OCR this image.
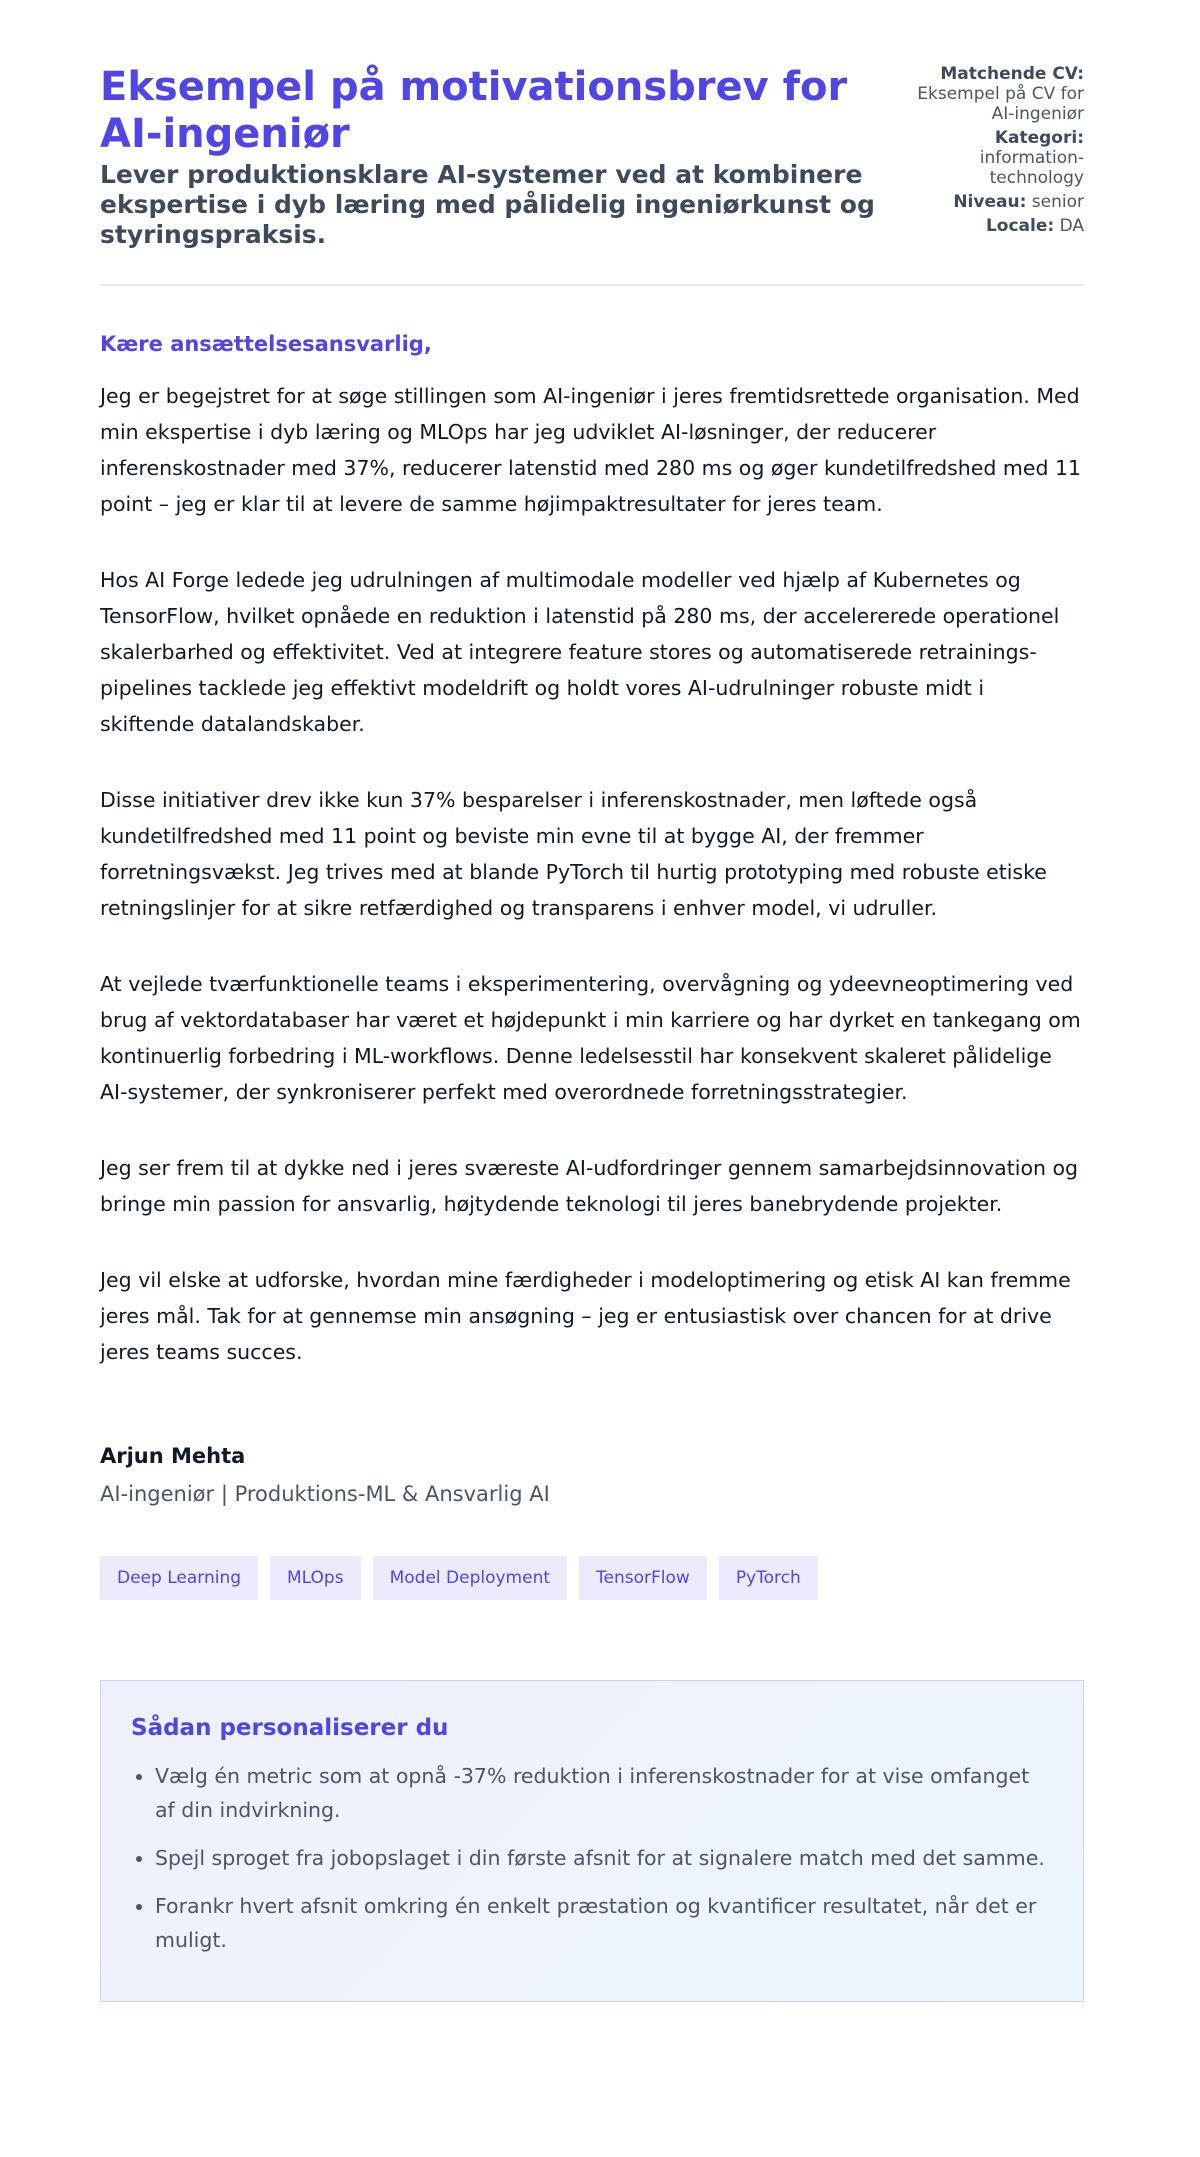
Eksempel på motivationsbrev for AI-ingeniør

Lever produktionsklare AI-systemer ved at kombinere ekspertise i dyb læring med pålidelig ingeniørkunst og styringspraksis.

Matchende CV:
Eksempel på CV for AI-ingeniør
Kategori:
information-technology
Niveau: senior
Locale: DA
Kære ansættelsesansvarlig,

Jeg er begejstret for at søge stillingen som AI-ingeniør i jeres fremtidsrettede organisation. Med min ekspertise i dyb læring og MLOps har jeg udviklet AI-løsninger, der reducerer inferenskostnader med 37%, reducerer latenstid med 280 ms og øger kundetilfredshed med 11 point – jeg er klar til at levere de samme højimpaktresultater for jeres team.

Hos AI Forge ledede jeg udrulningen af multimodale modeller ved hjælp af Kubernetes og TensorFlow, hvilket opnåede en reduktion i latenstid på 280 ms, der accelererede operationel skalerbarhed og effektivitet. Ved at integrere feature stores og automatiserede retrainings-pipelines tacklede jeg effektivt modeldrift og holdt vores AI-udrulninger robuste midt i skiftende datalandskaber.

Disse initiativer drev ikke kun 37% besparelser i inferenskostnader, men løftede også kundetilfredshed med 11 point og beviste min evne til at bygge AI, der fremmer forretningsvækst. Jeg trives med at blande PyTorch til hurtig prototyping med robuste etiske retningslinjer for at sikre retfærdighed og transparens i enhver model, vi udruller.

At vejlede tværfunktionelle teams i eksperimentering, overvågning og ydeevneoptimering ved brug af vektordatabaser har været et højdepunkt i min karriere og har dyrket en tankegang om kontinuerlig forbedring i ML-workflows. Denne ledelsesstil har konsekvent skaleret pålidelige AI-systemer, der synkroniserer perfekt med overordnede forretningsstrategier.

Jeg ser frem til at dykke ned i jeres sværeste AI-udfordringer gennem samarbejdsinnovation og bringe min passion for ansvarlig, højtydende teknologi til jeres banebrydende projekter.

Jeg vil elske at udforske, hvordan mine færdigheder i modeloptimering og etisk AI kan fremme jeres mål. Tak for at gennemse min ansøgning – jeg er entusiastisk over chancen for at drive jeres teams succes.

Arjun Mehta
AI-ingeniør | Produktions-ML & Ansvarlig AI
Deep Learning	MLOps	Model Deployment	TensorFlow	PyTorch
Sådan personaliserer du
• Vælg én metric som at opnå -37% reduktion i inferenskostnader for at vise omfanget af din indvirkning.
• Spejl sproget fra jobopslaget i din første afsnit for at signalere match med det samme.
• Forankr hvert afsnit omkring én enkelt præstation og kvantificer resultatet, når det er muligt.
